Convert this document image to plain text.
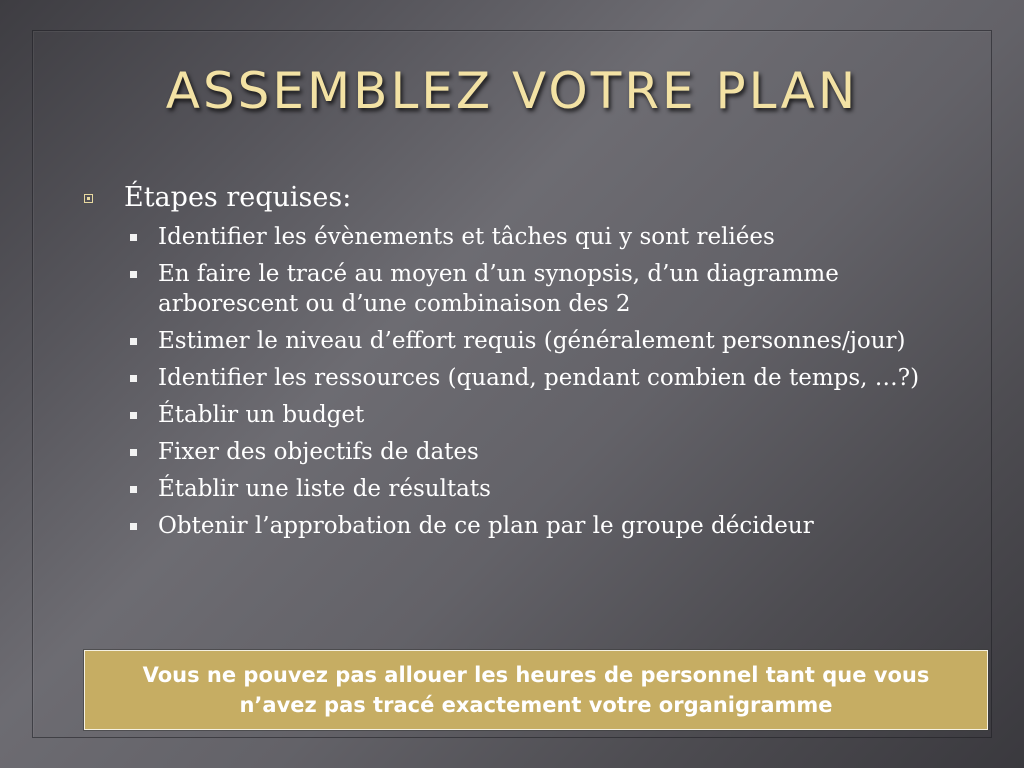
ASSEMBLEZ VOTRE PLAN
Étapes requises:
Identifier les évènements et tâches qui y sont reliées
En faire le tracé au moyen d’un synopsis, d’un diagramme arborescent ou d’une combinaison des 2
Estimer le niveau d’effort requis (généralement personnes/jour)
Identifier les ressources (quand, pendant combien de temps, …?)
Établir un budget
Fixer des objectifs de dates
Établir une liste de résultats
Obtenir l’approbation de ce plan par le groupe décideur
Vous ne pouvez pas allouer les heures de personnel tant que vous n’avez pas tracé exactement votre organigramme
